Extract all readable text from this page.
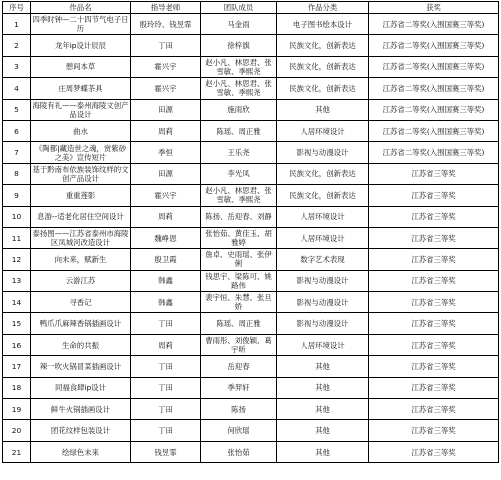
序号	作品名	指导老师	团队成员	作品分类	获奖
1	四季时钟—二十四节气电子日历	殷玲玲、钱昱霏	马金雨	电子图书绘本设计	江苏省二等奖(入围国赛三等奖)
2	龙年ip设计辰辰	丁田	徐梓旗	民族文化，创新表达	江苏省二等奖(入围国赛三等奖)
3	憩间本草	霍兴宇	赵小凡、林思君、张雪敏、季熙尧	民族文化，创新表达	江苏省二等奖(入围国赛三等奖)
4	庄周梦蝶茶具	霍兴宇	赵小凡、林思君、张雪敏、季熙尧	民族文化，创新表达	江苏省二等奖(入围国赛三等奖)
5	海陵有礼——泰州海陵文创产品设计	田源	施雨欣	其他	江苏省二等奖(入围国赛三等奖)
6	曲水	周莉	陈瑶、周正雅	人居环境设计	江苏省二等奖(入围国赛三等奖)
7	《陶都|藏造世之魂，赏紫砂之美》宣传短片	季恒	王乐尧	影视与动漫设计	江苏省二等奖(入围国赛三等奖)
8	基于黔南布依族装饰纹样的文创产品设计	田源	李光凤	民族文化，创新表达	江苏省三等奖
9	重重莲影	霍兴宇	赵小凡、林思君、张雪敏、季熙尧	民族文化，创新表达	江苏省三等奖
10	息游--适老化居住空间设计	周莉	陈扬、岳迎春、刘静	人居环境设计	江苏省三等奖
11	泰扬图——江苏省泰州市海陵区凤城河改造设计	魏峥恩	张怡茹、黄佳玉、胡雅婷	人居环境设计	江苏省三等奖
12	向未来，赋新生	殷卫霞	詹卓、史雨瑶、张伊俐	数字艺术表现	江苏省三等奖
13	云游江苏	韩鑫	钱思宇、梁陈可、姚路伟	影视与动漫设计	江苏省三等奖
14	寻香记	韩鑫	裴宇恒、朱慧、张旦娇	影视与动漫设计	江苏省三等奖
15	鸭爪爪麻辣香锅插画设计	丁田	陈瑶、周正雅	影视与动漫设计	江苏省三等奖
16	生命的共振	周莉	曹雨彤、刘俊颖、葛宇昕	人居环境设计	江苏省三等奖
17	辣一吹火锅冒菜插画设计	丁田	岳迎春	其他	江苏省三等奖
18	同福食肆ip设计	丁田	季羿轩	其他	江苏省三等奖
19	鲜牛火锅插画设计	丁田	陈扬	其他	江苏省三等奖
20	团花纹样包装设计	丁田	何欣瑶	其他	江苏省三等奖
21	绘绿色未来	钱昱霏	张怡茹	其他	江苏省三等奖
